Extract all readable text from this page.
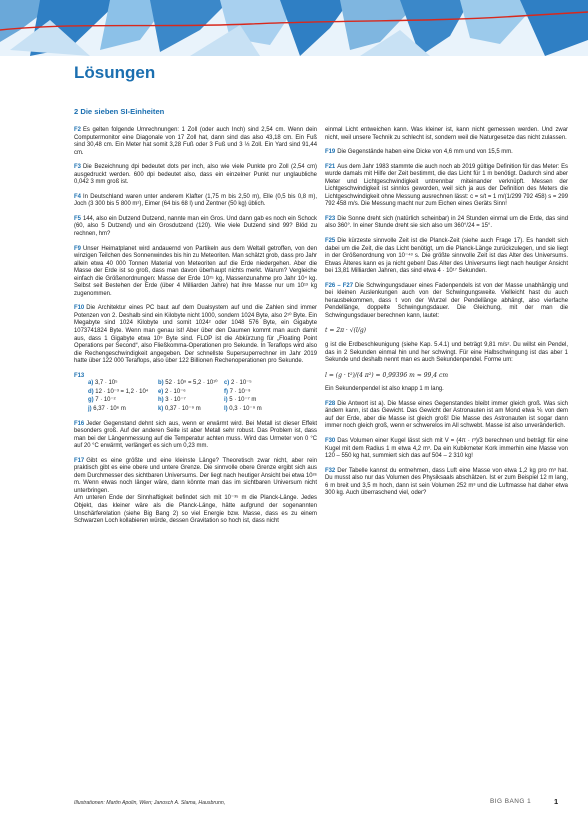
Lösungen
2 Die sieben SI-Einheiten

F2 Es gelten folgende Umrechnungen: 1 Zoll (oder auch Inch) sind 2,54 cm. Wenn dein Computermonitor eine Diagonale von 17 Zoll hat, dann sind das also 43,18 cm. Ein Fuß sind 30,48 cm. Ein Meter hat somit 3,28 Fuß oder 3 Fuß und 3 ⅓ Zoll. Ein Yard sind 91,44 cm.

F3 Die Bezeichnung dpi bedeutet dots per inch, also wie viele Punkte pro Zoll (2,54 cm) ausgedruckt werden. 600 dpi bedeutet also, dass ein einzelner Punkt nur unglaubliche 0,042 3 mm groß ist.

F4 In Deutschland waren unter anderem Klafter (1,75 m bis 2,50 m), Elle (0,5 bis 0,8 m), Joch (3 300 bis 5 800 m²), Eimer (64 bis 68 l) und Zentner (50 kg) üblich.

F5 144, also ein Dutzend Dutzend, nannte man ein Gros. Und dann gab es noch ein Schock (60, also 5 Dutzend) und ein Grosdutzend (120). Wie viele Dutzend sind 99? Blöd zu rechnen, hm?

F9 Unser Heimatplanet wird andauernd von Partikeln aus dem Weltall getroffen, von den winzigen Teilchen des Sonnenwindes bis hin zu Meteoriten. Man schätzt grob, dass pro Jahr allein etwa 40 000 Tonnen Material von Meteoriten auf die Erde niedergehen. Aber die Masse der Erde ist so groß, dass man davon überhaupt nichts merkt. Warum? Vergleiche einfach die Größenordnungen: Masse der Erde 10²⁵ kg, Massenzunahme pro Jahr 10⁴ kg. Selbst seit Bestehen der Erde (über 4 Milliarden Jahre) hat ihre Masse nur um 10¹³ kg zugenommen.

F10 Die Architektur eines PC baut auf dem Dualsystem auf und die Zahlen sind immer Potenzen von 2. Deshalb sind ein Kilobyte nicht 1000, sondern 1024 Byte, also 2¹⁰ Byte. Ein Megabyte sind 1024 Kilobyte und somit 1024² oder 1048 576 Byte, ein Gigabyte 1073741824 Byte. Wenn man genau ist! Aber über den Daumen kommt man auch damit aus, dass 1 Gigabyte etwa 10⁹ Byte sind. FLOP ist die Abkürzung für „Floating Point Operations per Second“, also Fließkomma-Operationen pro Sekunde. In Teraflops wird also die Rechengeschwindigkeit angegeben. Der schnellste Supersuperrechner im Jahr 2019 hatte über 122 000 Teraflops, also über 122 Billionen Rechenoperationen pro Sekunde.

F13

a) 3,7 · 10⁵	b) 52 · 10⁹ = 5,2 · 10¹⁰	c) 2 · 10⁻⁵
d) 12 · 10⁻³ = 1,2 · 10⁴	e) 2 · 10⁻⁶	f) 7 · 10⁻⁹
g) 7 · 10⁻²	h) 3 · 10⁻⁷	i) 5 · 10⁻⁷ m
j) 6,37 · 10⁶ m	k) 0,37 · 10⁻⁹ m	l) 0,3 · 10⁻⁹ m

F16 Jeder Gegenstand dehnt sich aus, wenn er erwärmt wird. Bei Metall ist dieser Effekt besonders groß. Auf der anderen Seite ist aber Metall sehr robust. Das Problem ist, dass man bei der Längenmessung auf die Temperatur achten muss. Wird das Urmeter von 0 °C auf 20 °C erwärmt, verlängert es sich um 0,23 mm.

F17 Gibt es eine größte und eine kleinste Länge? Theoretisch zwar nicht, aber rein praktisch gibt es eine obere und untere Grenze. Die sinnvolle obere Grenze ergibt sich aus dem Durchmesser des sichtbaren Universums. Der liegt nach heutiger Ansicht bei etwa 10²⁶ m. Wenn etwas noch länger wäre, dann könnte man das im sichtbaren Universum nicht unterbringen.

Am unteren Ende der Sinnhaftigkeit befindet sich mit 10⁻³⁵ m die Planck-Länge. Jedes Objekt, das kleiner wäre als die Planck-Länge, hätte aufgrund der sogenannten Unschärferelation (siehe Big Bang 2) so viel Energie bzw. Masse, dass es zu einem Schwarzen Loch kollabieren würde, dessen Gravitation so hoch ist, dass nicht

einmal Licht entweichen kann. Was kleiner ist, kann nicht gemessen werden. Und zwar nicht, weil unsere Technik zu schlecht ist, sondern weil die Naturgesetze das nicht zulassen.

F19 Die Gegenstände haben eine Dicke von 4,6 mm und von 15,5 mm.

F21 Aus dem Jahr 1983 stammte die auch noch ab 2019 gültige Definition für das Meter: Es wurde damals mit Hilfe der Zeit bestimmt, die das Licht für 1 m benötigt. Dadurch sind aber Meter und Lichtgeschwindigkeit untrennbar miteinander verknüpft. Messen der Lichtgeschwindigkeit ist sinnlos geworden, weil sich ja aus der Definition des Meters die Lichtgeschwindigkeit ohne Messung ausrechnen lässt: c = s/t = 1 m/(1/299 792 458) s = 299 792 458 m/s. Die Messung macht nur zum Eichen eines Geräts Sinn!

F23 Die Sonne dreht sich (natürlich scheinbar) in 24 Stunden einmal um die Erde, das sind also 360°. In einer Stunde dreht sie sich also um 360°/24 = 15°.

F25 Die kürzeste sinnvolle Zeit ist die Planck-Zeit (siehe auch Frage 17). Es handelt sich dabei um die Zeit, die das Licht benötigt, um die Planck-Länge zurückzulegen, und sie liegt in der Größenordnung von 10⁻⁴³ s. Die größte sinnvolle Zeit ist das Alter des Universums. Etwas Älteres kann es ja nicht geben! Das Alter des Universums liegt nach heutiger Ansicht bei 13,81 Milliarden Jahren, das sind etwa 4 · 10¹⁷ Sekunden.

F26 – F27 Die Schwingungsdauer eines Fadenpendels ist von der Masse unabhängig und bei kleinen Auslenkungen auch von der Schwingungsweite. Vielleicht hast du auch herausbekommen, dass t von der Wurzel der Pendellänge abhängt, also vierfache Pendellänge, doppelte Schwingungsdauer. Die Gleichung, mit der man die Schwingungsdauer berechnen kann, lautet:

t = 2π · √(l/g)

g ist die Erdbeschleunigung (siehe Kap. 5.4.1) und beträgt 9,81 m/s². Du willst ein Pendel, das in 2 Sekunden einmal hin und her schwingt. Für eine Halbschwingung ist das aber 1 Sekunde und deshalb nennt man es auch Sekundenpendel. Forme um:

l = (g · t²)/(4 π²) = 0,99396 m ≈ 99,4 cm

Ein Sekundenpendel ist also knapp 1 m lang.

F28 Die Antwort ist a). Die Masse eines Gegenstandes bleibt immer gleich groß. Was sich ändern kann, ist das Gewicht. Das Gewicht der Astronauten ist am Mond etwa ⅙ von dem auf der Erde, aber die Masse ist gleich groß! Die Masse des Astronauten ist sogar dann immer noch gleich groß, wenn er schwerelos im All schwebt. Masse ist also unveränderlich.

F30 Das Volumen einer Kugel lässt sich mit V = (4π · r³)/3 berechnen und beträgt für eine Kugel mit dem Radius 1 m etwa 4,2 m³. Da ein Kubikmeter Kork immerhin eine Masse von 120 – 550 kg hat, summiert sich das auf 504 – 2 310 kg!

F32 Der Tabelle kannst du entnehmen, dass Luft eine Masse von etwa 1,2 kg pro m³ hat. Du musst also nur das Volumen des Physiksaals abschätzen. Ist er zum Beispiel 12 m lang, 6 m breit und 3,5 m hoch, dann ist sein Volumen 252 m³ und die Luftmasse hat daher etwa 300 kg. Auch überraschend viel, oder?

Illustrationen: Martin Apolin, Wien; Janosch A. Slama, Hausbrunn,	BIG BANG 1	1
